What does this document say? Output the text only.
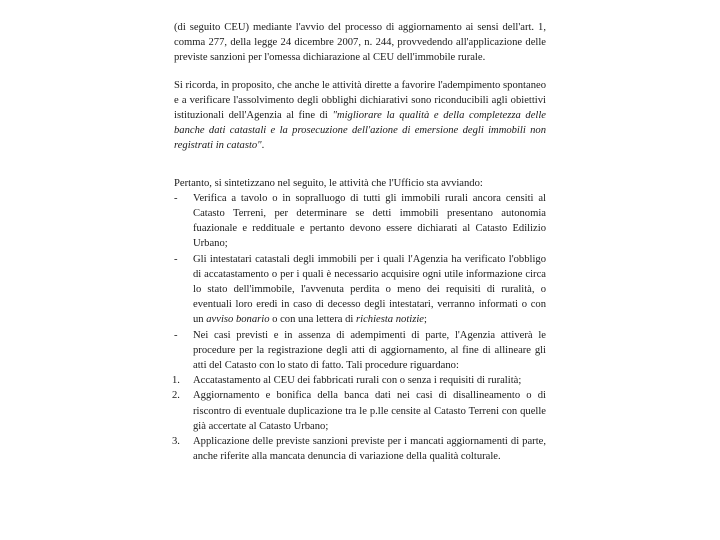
(di seguito CEU) mediante l'avvio del processo di aggiornamento ai sensi dell'art. 1, comma 277, della legge 24 dicembre 2007, n. 244, provvedendo all'applicazione delle previste sanzioni per l'omessa dichiarazione al CEU dell'immobile rurale.

Si ricorda, in proposito, che anche le attività dirette a favorire l'adempimento spontaneo e a verificare l'assolvimento degli obblighi dichiarativi sono riconducibili agli obiettivi istituzionali dell'Agenzia al fine di "migliorare la qualità e della completezza delle banche dati catastali e la prosecuzione dell'azione di emersione degli immobili non registrati in catasto".

Pertanto, si sintetizzano nel seguito, le attività che l'Ufficio sta avviando:

- Verifica a tavolo o in sopralluogo di tutti gli immobili rurali ancora censiti al Catasto Terreni, per determinare se detti immobili presentano autonomia fuazionale e reddituale e pertanto devono essere dichiarati al Catasto Edilizio Urbano;
- Gli intestatari catastali degli immobili per i quali l'Agenzia ha verificato l'obbligo di accatastamento o per i quali è necessario acquisire ogni utile informazione circa lo stato dell'immobile, l'avvenuta perdita o meno dei requisiti di ruralità, o eventuali loro eredi in caso di decesso degli intestatari, verranno informati o con un avviso bonario o con una lettera di richiesta notizie;
- Nei casi previsti e in assenza di adempimenti di parte, l'Agenzia attiverà le procedure per la registrazione degli atti di aggiornamento, al fine di allineare gli atti del Catasto con lo stato di fatto. Tali procedure riguardano:
1. Accatastamento al CEU dei fabbricati rurali con o senza i requisiti di ruralità;
2. Aggiornamento e bonifica della banca dati nei casi di disallineamento o di riscontro di eventuale duplicazione tra le p.lle censite al Catasto Terreni con quelle già accertate al Catasto Urbano;
3. Applicazione delle previste sanzioni previste per i mancati aggiornamenti di parte, anche riferite alla mancata denuncia di variazione della qualità colturale.
